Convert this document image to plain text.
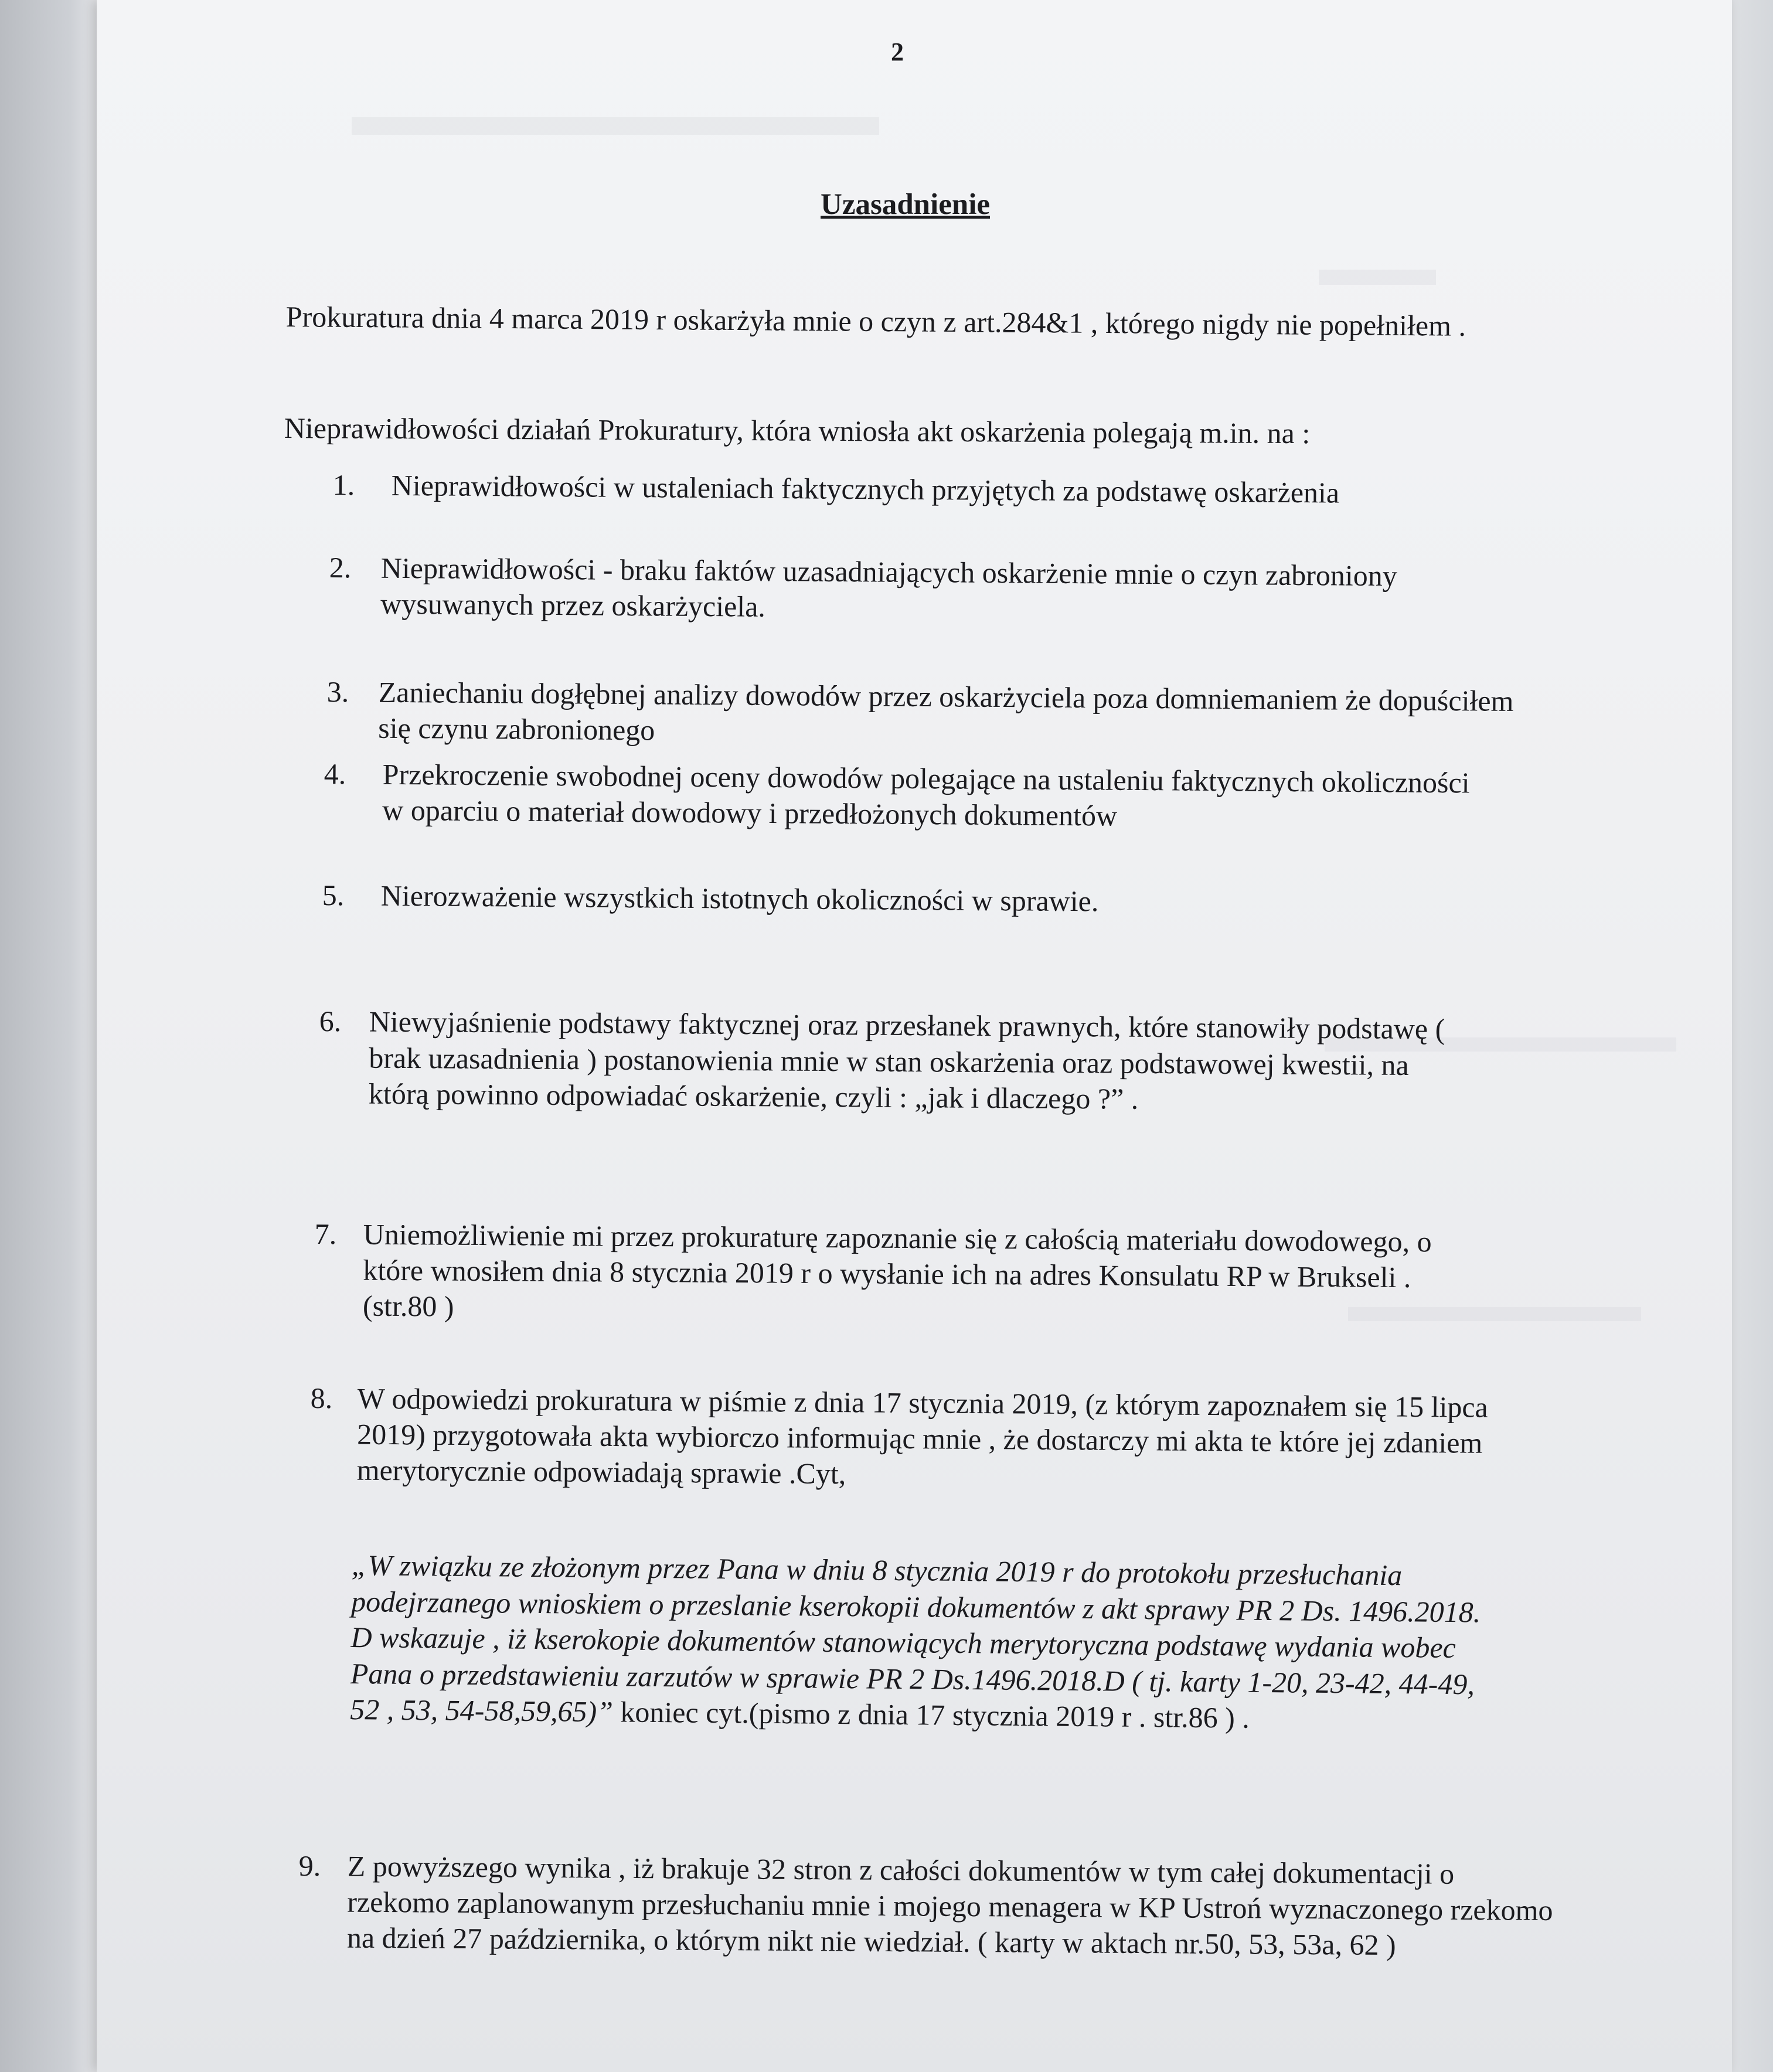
2
Uzasadnienie
Prokuratura dnia 4 marca 2019 r oskarżyła mnie o czyn z art.284&1 , którego nigdy nie popełniłem .
Nieprawidłowości działań Prokuratury, która wniosła akt oskarżenia polegają m.in. na :
1.	Nieprawidłowości w ustaleniach faktycznych przyjętych za podstawę oskarżenia
2.	Nieprawidłowości - braku faktów uzasadniających oskarżenie mnie o czyn zabroniony wysuwanych przez oskarżyciela.
3.	Zaniechaniu dogłębnej analizy dowodów przez oskarżyciela poza domniemaniem że dopuściłem się czynu zabronionego
4.	Przekroczenie swobodnej oceny dowodów polegające na ustaleniu faktycznych okoliczności w oparciu o materiał dowodowy i przedłożonych dokumentów
5.	Nierozważenie wszystkich istotnych okoliczności w sprawie.
6. Niewyjaśnienie podstawy faktycznej oraz przesłanek prawnych, które stanowiły podstawę ( brak uzasadnienia ) postanowienia mnie w stan oskarżenia oraz podstawowej kwestii, na którą powinno odpowiadać oskarżenie, czyli : „jak i dlaczego ?” .
7. Uniemożliwienie mi przez prokuraturę zapoznanie się z całością materiału dowodowego, o które wnosiłem dnia 8 stycznia 2019 r o wysłanie ich na adres Konsulatu RP w Brukseli . (str.80 )
8. W odpowiedzi prokuratura w piśmie z dnia 17 stycznia 2019, (z którym zapoznałem się 15 lipca 2019) przygotowała akta wybiorczo informując mnie , że dostarczy mi akta te które jej zdaniem merytorycznie odpowiadają sprawie .Cyt,
9. Z powyższego wynika , iż brakuje 32 stron z całości dokumentów w tym całej dokumentacji o rzekomo zaplanowanym przesłuchaniu mnie i mojego menagera w KP Ustroń wyznaczonego rzekomo na dzień 27 października, o którym nikt nie wiedział. ( karty w aktach nr.50, 53, 53a, 62 )
„W związku ze złożonym przez Pana w dniu 8 stycznia 2019 r do protokołu przesłuchania podejrzanego wnioskiem o przeslanie kserokopii dokumentów z akt sprawy PR 2 Ds. 1496.2018. D wskazuje , iż kserokopie dokumentów stanowiących merytoryczna podstawę wydania wobec Pana o przedstawieniu zarzutów w sprawie PR 2 Ds.1496.2018.D ( tj. karty 1-20, 23-42, 44-49, 52 , 53, 54-58,59,65)” koniec cyt.(pismo z dnia 17 stycznia 2019 r . str.86 ) .
